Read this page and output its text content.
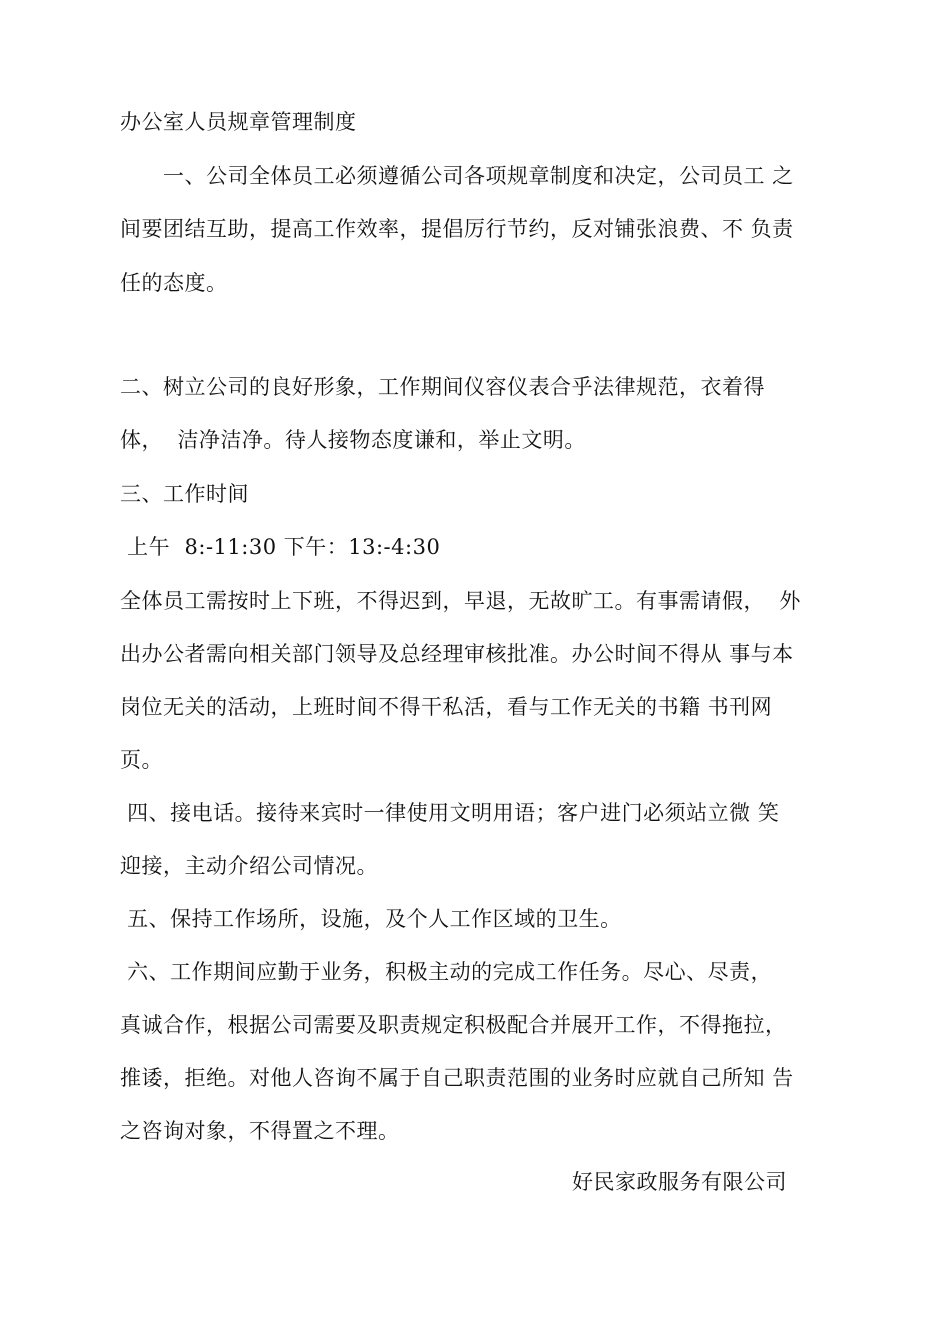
办公室人员规章管理制度
　　一、公司全体员工必须遵循公司各项规章制度和决定，公司员工 之
间要团结互助，提高工作效率，提倡厉行节约，反对铺张浪费、不 负责
任的态度。
二、树立公司的良好形象，工作期间仪容仪表合乎法律规范，衣着得
体，  洁净洁净。待人接物态度谦和，举止文明。
三、工作时间
上午  8:-11:30 下午：13:-4:30
全体员工需按时上下班，不得迟到，早退，无故旷工。有事需请假，  外
出办公者需向相关部门领导及总经理审核批准。办公时间不得从 事与本
岗位无关的活动，上班时间不得干私活，看与工作无关的书籍 书刊网
页。
四、接电话。接待来宾时一律使用文明用语；客户进门必须站立微 笑
迎接，主动介绍公司情况。
五、保持工作场所，设施，及个人工作区域的卫生。
六、工作期间应勤于业务，积极主动的完成工作任务。尽心、尽责，
真诚合作，根据公司需要及职责规定积极配合并展开工作，不得拖拉，
推诿，拒绝。对他人咨询不属于自己职责范围的业务时应就自己所知 告
之咨询对象，不得置之不理。
好民家政服务有限公司
